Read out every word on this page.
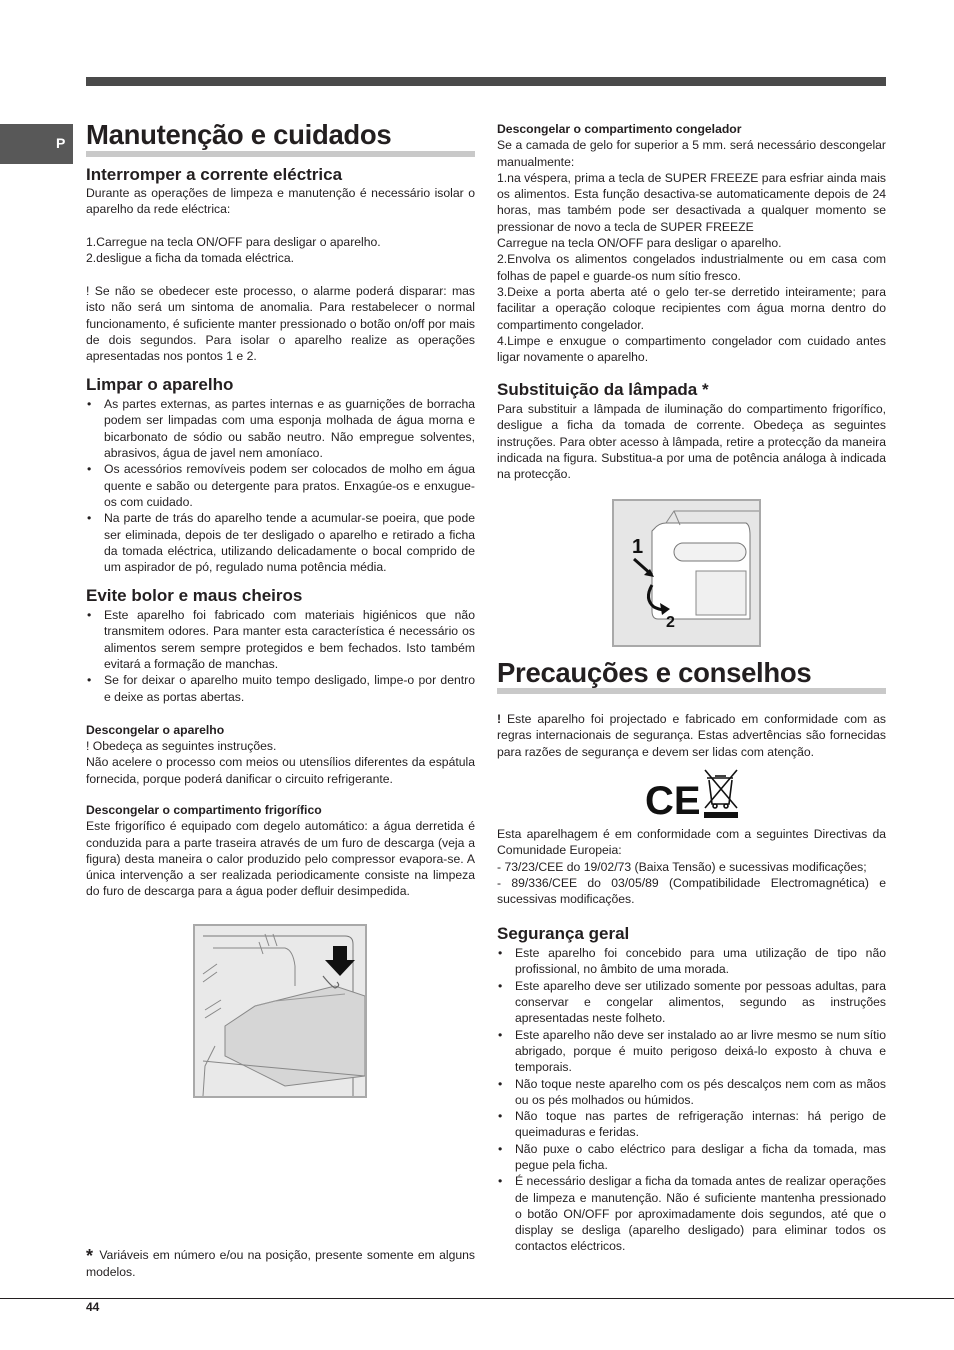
P Manutenção e cuidados
Interromper a corrente eléctrica

Durante as operações de limpeza e manutenção é necessário isolar o aparelho da rede eléctrica:

1.Carregue na tecla ON/OFF para desligar o aparelho.

2.desligue a ficha da tomada eléctrica.

! Se não se obedecer este processo, o alarme poderá disparar: mas isto não será um sintoma de anomalia. Para restabelecer o normal funcionamento, é suficiente manter pressionado o botão on/off por mais de dois segundos. Para isolar o aparelho realize as operações apresentadas nos pontos 1 e 2.

Limpar o aparelho
• As partes externas, as partes internas e as guarnições de borracha podem ser limpadas com uma esponja molhada de água morna e bicarbonato de sódio ou sabão neutro. Não empregue solventes, abrasivos, água de javel nem amoníaco.
• Os acessórios removíveis podem ser colocados de molho em água quente e sabão ou detergente para pratos. Enxagúe-os e enxugue-os com cuidado.
• Na parte de trás do aparelho tende a acumular-se poeira, que pode ser eliminada, depois de ter desligado o aparelho e retirado a ficha da tomada eléctrica, utilizando delicadamente o bocal comprido de um aspirador de pó, regulado numa potência média.
Evite bolor e maus cheiros
• Este aparelho foi fabricado com materiais higiénicos que não transmitem odores. Para manter esta característica é necessário os alimentos serem sempre protegidos e bem fechados. Isto também evitará a formação de manchas.
• Se for deixar o aparelho muito tempo desligado, limpe-o por dentro e deixe as portas abertas.
Descongelar o aparelho

! Obedeça as seguintes instruções.

Não acelere o processo com meios ou utensílios diferentes da espátula fornecida, porque poderá danificar o circuito refrigerante.

Descongelar o compartimento frigorífico

Este frigorífico é equipado com degelo automático: a água derretida é conduzida para a parte traseira através de um furo de descarga (veja a figura) desta maneira o calor produzido pelo compressor evapora-se. A única intervenção a ser realizada periodicamente consiste na limpeza do furo de descarga para a água poder defluir desimpedida.

* Variáveis em número e/ou na posição, presente somente em alguns modelos.

Descongelar o compartimento congelador

Se a camada de gelo for superior a 5 mm. será necessário descongelar manualmente:

1.na véspera, prima a tecla de SUPER FREEZE para esfriar ainda mais os alimentos. Esta função desactiva-se automaticamente depois de 24 horas, mas também pode ser desactivada a qualquer momento se pressionar de novo a tecla de SUPER FREEZE

Carregue na tecla ON/OFF para desligar o aparelho.

2.Envolva os alimentos congelados industrialmente ou em casa com folhas de papel e guarde-os num sítio fresco.

3.Deixe a porta aberta até o gelo ter-se derretido inteiramente; para facilitar a operação coloque recipientes com água morna dentro do compartimento congelador.

4.Limpe e enxugue o compartimento congelador com cuidado antes ligar novamente o aparelho.

Substituição da lâmpada *

Para substituir a lâmpada de iluminação do compartimento frigorífico, desligue a ficha da tomada de corrente. Obedeça as seguintes instruções. Para obter acesso à lâmpada, retire a protecção da maneira indicada na figura. Substitua-a por uma de potência análoga à indicada na protecção.

1
2
Precauções e conselhos

! Este aparelho foi projectado e fabricado em conformidade com as regras internacionais de segurança. Estas advertências são fornecidas para razões de segurança e devem ser lidas com atenção.

CE

Esta aparelhagem é em conformidade com a seguintes Directivas da Comunidade Europeia:

- 73/23/CEE do 19/02/73 (Baixa Tensão) e sucessivas modificações;

- 89/336/CEE do 03/05/89 (Compatibilidade Electromagnética) e sucessivas modificações.

Segurança geral
• Este aparelho foi concebido para uma utilização de tipo não profissional, no âmbito de uma morada.
• Este aparelho deve ser utilizado somente por pessoas adultas, para conservar e congelar alimentos, segundo as instruções apresentadas neste folheto.
• Este aparelho não deve ser instalado ao ar livre mesmo se num sítio abrigado, porque é muito perigoso deixá-lo exposto à chuva e temporais.
• Não toque neste aparelho com os pés descalços nem com as mãos ou os pés molhados ou húmidos.
• Não toque nas partes de refrigeração internas: há perigo de queimaduras e feridas.
• Não puxe o cabo eléctrico para desligar a ficha da tomada, mas pegue pela ficha.
• É necessário desligar a ficha da tomada antes de realizar operações de limpeza e manutenção. Não é suficiente mantenha pressionado o botão ON/OFF por aproximadamente dois segundos, até que o display se desliga (aparelho desligado) para eliminar todos os contactos eléctricos.
44
